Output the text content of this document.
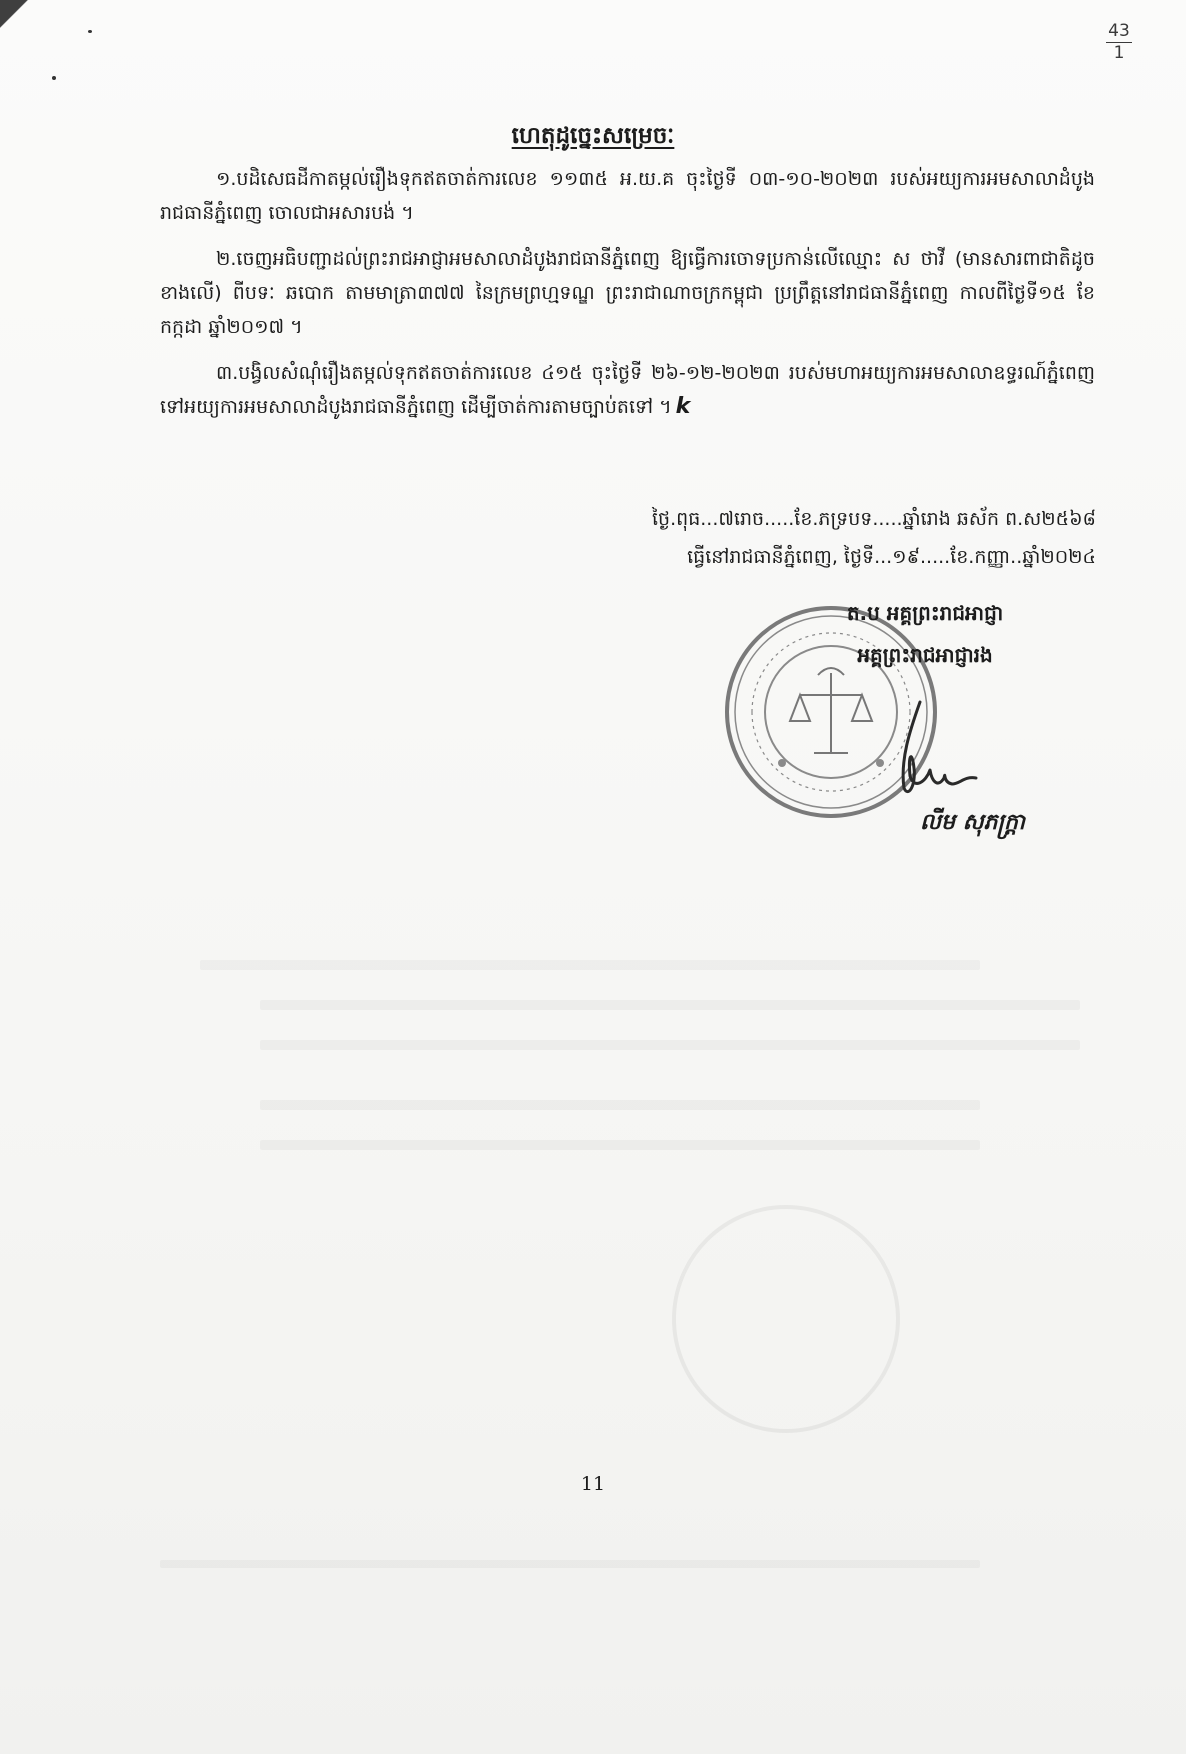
43
1
ហេតុដូច្នេះសម្រេចៈ

១.បដិសេធដីកាតម្កល់រឿងទុកឥតចាត់ការលេខ ១១៣៥ អ.យ.គ ចុះថ្ងៃទី ០៣-១០-២០២៣ របស់អយ្យការអមសាលាដំបូងរាជធានីភ្នំពេញ ចោលជាអសារបង់ ។

២.ចេញអធិបញ្ជាដល់ព្រះរាជអាជ្ញាអមសាលាដំបូងរាជធានីភ្នំពេញ ឱ្យធ្វើការចោទប្រកាន់លើឈ្មោះ ស ថាវី (មានសារពាជាតិដូចខាងលើ) ពីបទៈ ឆបោក តាមមាត្រា៣៧៧ នៃក្រមព្រហ្មទណ្ឌ ព្រះរាជាណាចក្រកម្ពុជា ប្រព្រឹត្តនៅរាជធានីភ្នំពេញ កាលពីថ្ងៃទី១៥ ខែកក្កដា ឆ្នាំ២០១៧ ។

៣.បង្វិលសំណុំរឿងតម្កល់ទុកឥតចាត់ការលេខ ៤១៥ ចុះថ្ងៃទី ២៦-១២-២០២៣ របស់មហាអយ្យការអមសាលាឧទ្ធរណ៍ភ្នំពេញ ទៅអយ្យការអមសាលាដំបូងរាជធានីភ្នំពេញ ដើម្បីចាត់ការតាមច្បាប់តទៅ ។ k

ថ្ងៃ.ពុធ...៧រោច.....ខែ.ភទ្របទ.....ឆ្នាំរោង ឆស័ក ព.ស២៥៦៨
ធ្វើនៅរាជធានីភ្នំពេញ, ថ្ងៃទី...១៩.....ខែ.កញ្ញា..ឆ្នាំ២០២៤
ត.ប អគ្គព្រះរាជអាជ្ញា
អគ្គព្រះរាជអាជ្ញារង
លីម សុភក្ត្រា
11
